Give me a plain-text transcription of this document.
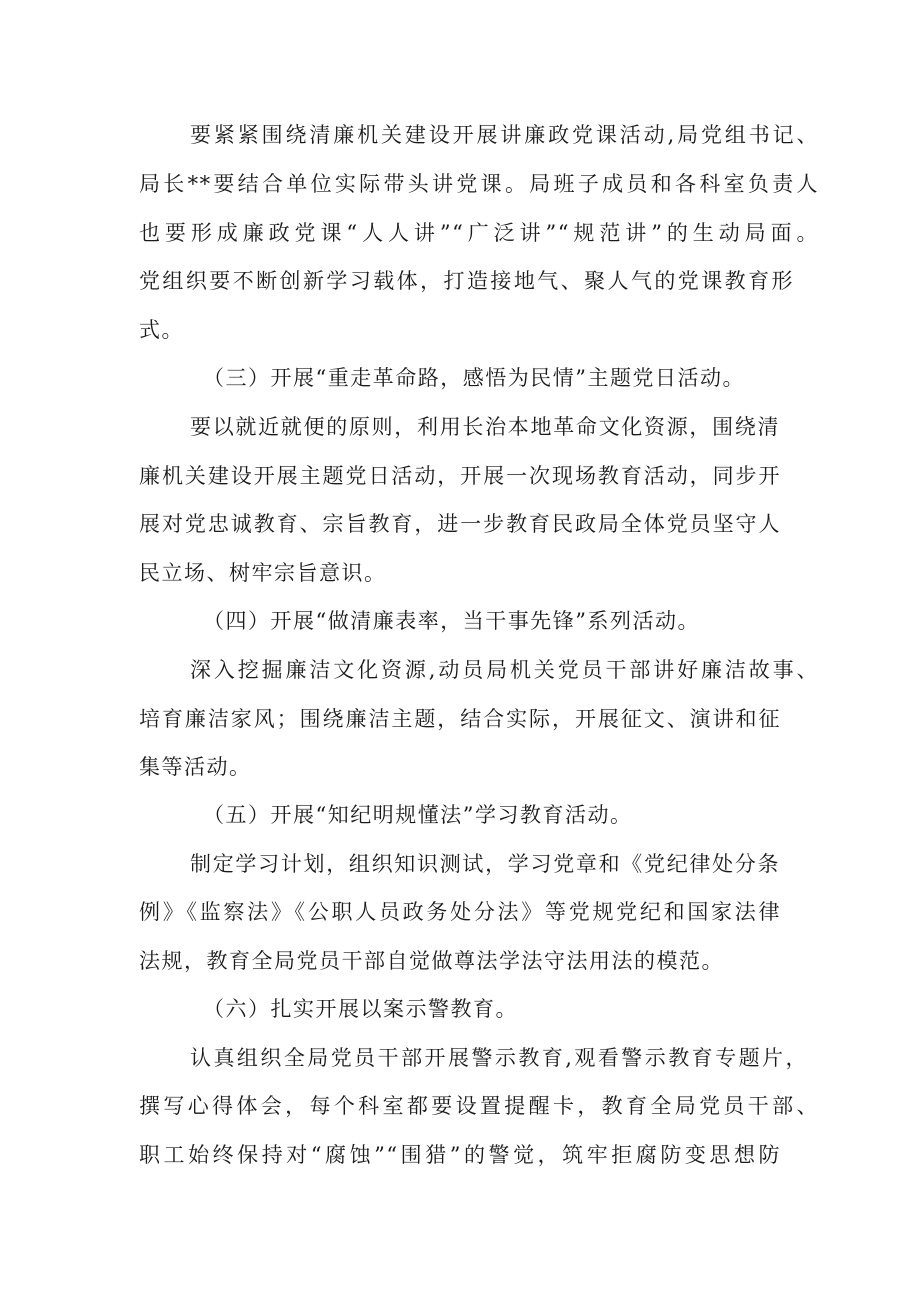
要紧紧围绕清廉机关建设开展讲廉政党课活动,局党组书记、
局长**要结合单位实际带头讲党课。局班子成员和各科室负责人
也要形成廉政党课“人人讲”“广泛讲”“规范讲”的生动局面。
党组织要不断创新学习载体，打造接地气、聚人气的党课教育形
式。
（三）开展“重走革命路，感悟为民情”主题党日活动。
要以就近就便的原则，利用长治本地革命文化资源，围绕清
廉机关建设开展主题党日活动，开展一次现场教育活动，同步开
展对党忠诚教育、宗旨教育，进一步教育民政局全体党员坚守人
民立场、树牢宗旨意识。
（四）开展“做清廉表率，当干事先锋”系列活动。
深入挖掘廉洁文化资源,动员局机关党员干部讲好廉洁故事、
培育廉洁家风；围绕廉洁主题，结合实际，开展征文、演讲和征
集等活动。
（五）开展“知纪明规懂法”学习教育活动。
制定学习计划，组织知识测试，学习党章和《党纪律处分条
例》《监察法》《公职人员政务处分法》等党规党纪和国家法律
法规，教育全局党员干部自觉做尊法学法守法用法的模范。
（六）扎实开展以案示警教育。
认真组织全局党员干部开展警示教育,观看警示教育专题片，
撰写心得体会，每个科室都要设置提醒卡，教育全局党员干部、
职工始终保持对“腐蚀”“围猎”的警觉，筑牢拒腐防变思想防
